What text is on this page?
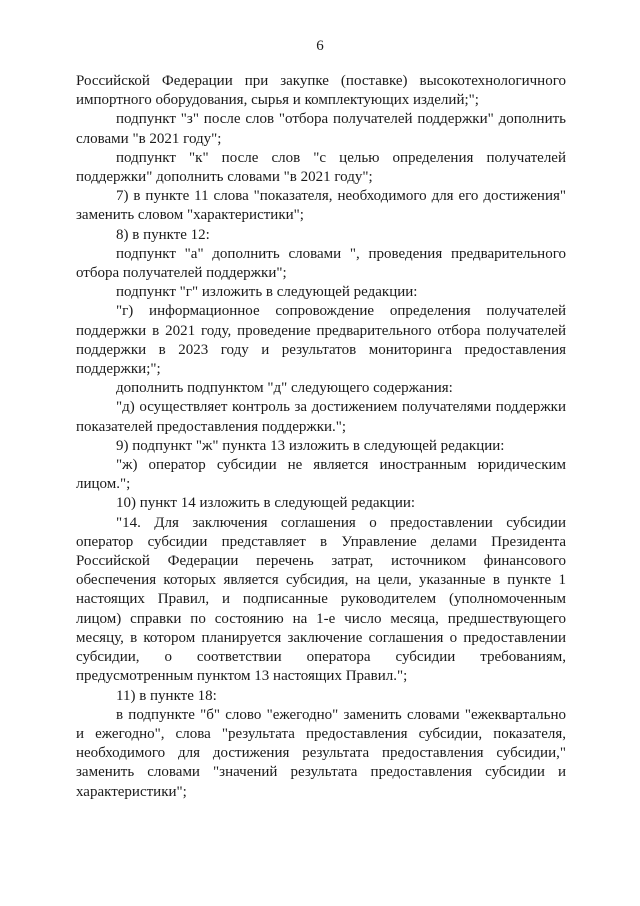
6

Российской Федерации при закупке (поставке) высокотехнологичного импортного оборудования, сырья и комплектующих изделий;";

подпункт "з" после слов "отбора получателей поддержки" дополнить словами "в 2021 году";

подпункт "к" после слов "с целью определения получателей поддержки" дополнить словами "в 2021 году";

7) в пункте 11 слова "показателя, необходимого для его достижения" заменить словом "характеристики";

8) в пункте 12:

подпункт "а" дополнить словами ", проведения предварительного отбора получателей поддержки";

подпункт "г" изложить в следующей редакции:

"г) информационное сопровождение определения получателей поддержки в 2021 году, проведение предварительного отбора получателей поддержки в 2023 году и результатов мониторинга предоставления поддержки;";

дополнить подпунктом "д" следующего содержания:

"д) осуществляет контроль за достижением получателями поддержки показателей предоставления поддержки.";

9) подпункт "ж" пункта 13 изложить в следующей редакции:

"ж) оператор субсидии не является иностранным юридическим лицом.";

10) пункт 14 изложить в следующей редакции:

"14. Для заключения соглашения о предоставлении субсидии оператор субсидии представляет в Управление делами Президента Российской Федерации перечень затрат, источником финансового обеспечения которых является субсидия, на цели, указанные в пункте 1 настоящих Правил, и подписанные руководителем (уполномоченным лицом) справки по состоянию на 1-е число месяца, предшествующего месяцу, в котором планируется заключение соглашения о предоставлении субсидии, о соответствии оператора субсидии требованиям, предусмотренным пунктом 13 настоящих Правил.";

11) в пункте 18:

в подпункте "б" слово "ежегодно" заменить словами "ежеквартально и ежегодно", слова "результата предоставления субсидии, показателя, необходимого для достижения результата предоставления субсидии," заменить словами "значений результата предоставления субсидии и характеристики";
